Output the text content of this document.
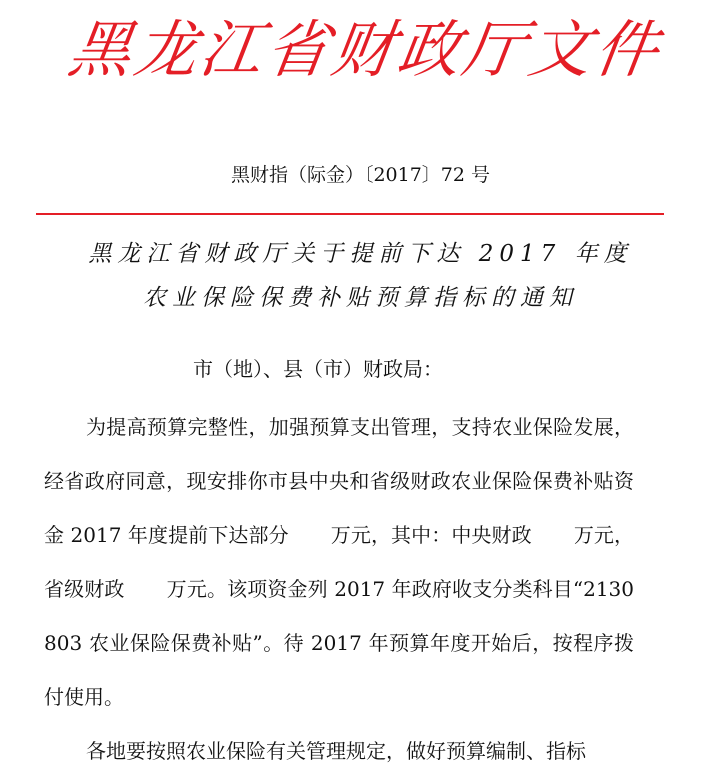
黑
龙
江
省
财
政
厅
文
件
黑财指（际金）〔2017〕72 号
黑龙江省财政厅关于提前下达 2017 年度
农业保险保费补贴预算指标的通知
市（地）、县（市）财政局：

为提高预算完整性，加强预算支出管理，支持农业保险发展，经省政府同意，现安排你市县中央和省级财政农业保险保费补贴资金 2017 年度提前下达部分 万元，其中：中央财政 万元，省级财政 万元。该项资金列 2017 年政府收支分类科目“2130803 农业保险保费补贴”。待 2017 年预算年度开始后，按程序拨付使用。

各地要按照农业保险有关管理规定，做好预算编制、指标
